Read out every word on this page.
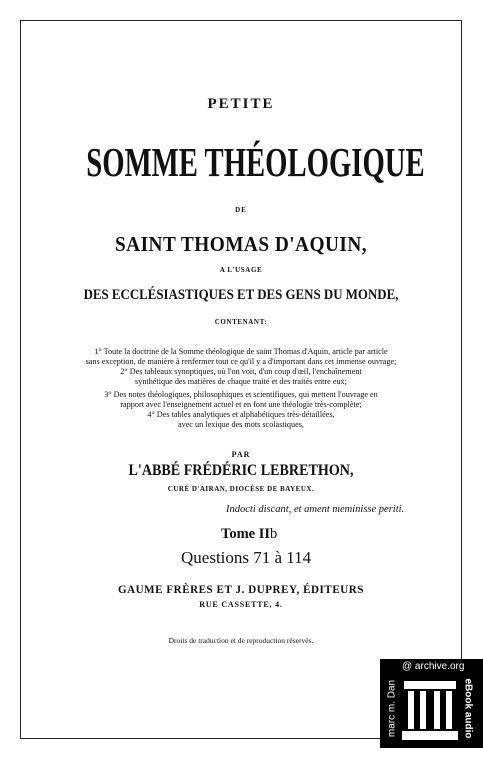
PETITE
SOMME THÉOLOGIQUE
DE
SAINT THOMAS D'AQUIN,
A L'USAGE
DES ECCLÉSIASTIQUES ET DES GENS DU MONDE,
CONTENANT:
1° Toute la doctrine de la Somme théologique de saint Thomas d'Aquin, article par article
sans exception, de manière à renfermer tout ce qu'il y a d'important dans cet immense ouvrage;
2° Des tableaux synoptiques, où l'on voit, d'un coup d'œil, l'enchaînement
synthétique des matières de chaque traité et des traités entre eux;
3° Des notes théologiques, philosophiques et scientifiques, qui mettent l'ouvrage en
rapport avec l'enseignement actuel et en font une théologie très-complète;
4° Des tables analytiques et alphabétiques très-détaillées,
avec un lexique des mots scolastiques,
PAR
L'ABBÉ FRÉDÉRIC LEBRETHON,
CURÉ D'AIRAN, DIOCÈSE DE BAYEUX.
Indocti discant, et ament meminisse periti.
Tome IIb
Questions 71 à 114
GAUME FRÈRES ET J. DUPREY, ÉDITEURS
RUE CASSETTE, 4.
Droits de traduction et de reproduction réservés.
@ archive.org
marc m. Dan	eBook audio
